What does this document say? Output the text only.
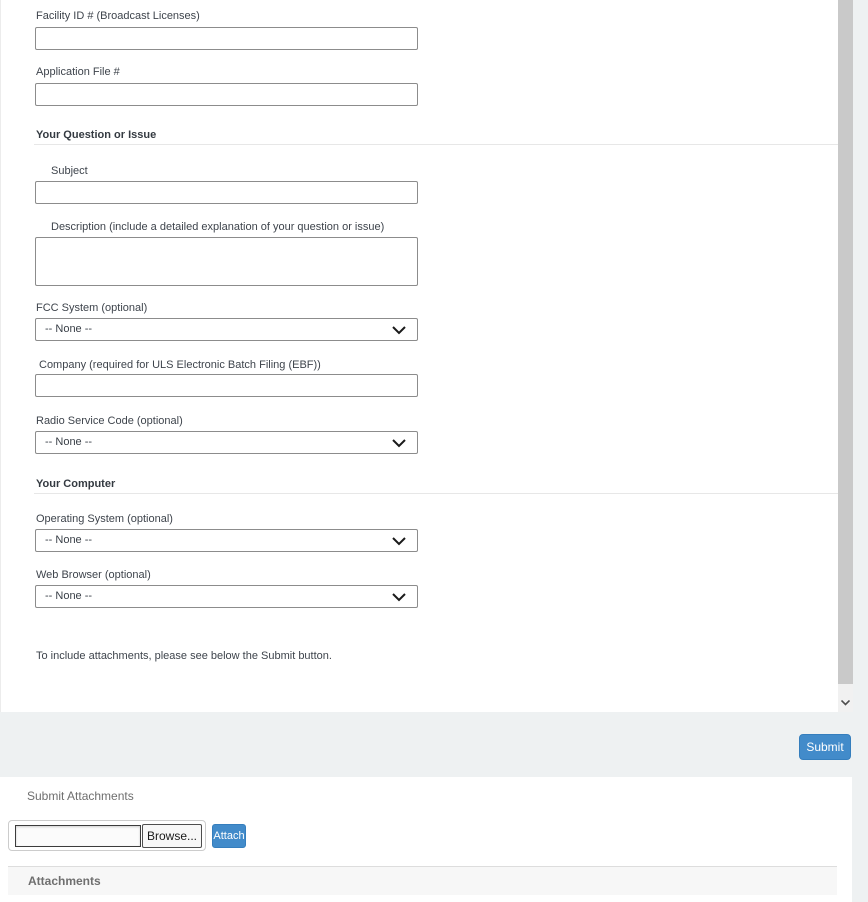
Facility ID # (Broadcast Licenses)
Application File #
Your Question or Issue
Subject
Description (include a detailed explanation of your question or issue)
FCC System (optional)
-- None --
Company (required for ULS Electronic Batch Filing (EBF))
Radio Service Code (optional)
-- None --
Your Computer
Operating System (optional)
-- None --
Web Browser (optional)
-- None --
To include attachments, please see below the Submit button.
Submit
Submit Attachments
Browse...	Attach
Attachments
